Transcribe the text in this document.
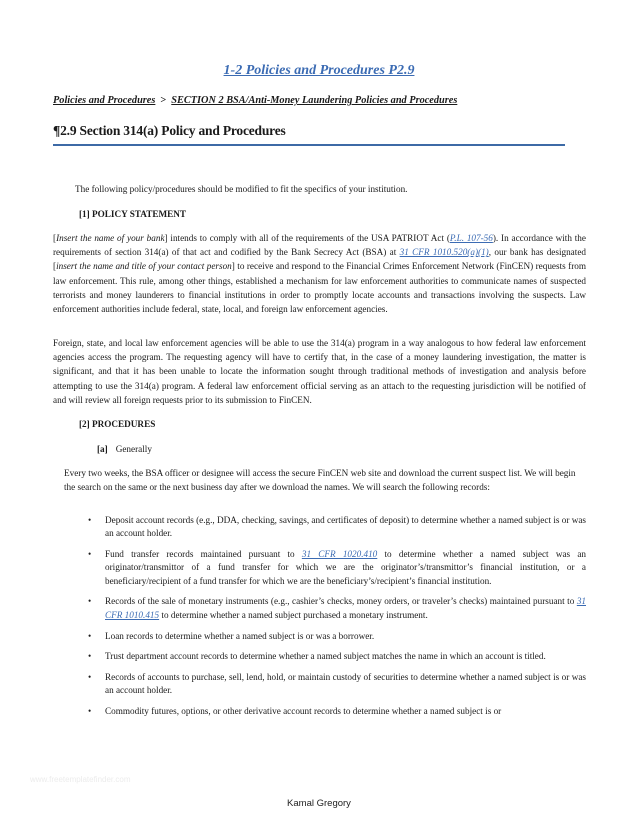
1-2 Policies and Procedures P2.9
Policies and Procedures > SECTION 2 BSA/Anti-Money Laundering Policies and Procedures
¶2.9 Section 314(a) Policy and Procedures
The following policy/procedures should be modified to fit the specifics of your institution.
[1] POLICY STATEMENT
[Insert the name of your bank] intends to comply with all of the requirements of the USA PATRIOT Act (P.L. 107-56). In accordance with the requirements of section 314(a) of that act and codified by the Bank Secrecy Act (BSA) at 31 CFR 1010.520(a)(1), our bank has designated [insert the name and title of your contact person] to receive and respond to the Financial Crimes Enforcement Network (FinCEN) requests from law enforcement. This rule, among other things, established a mechanism for law enforcement authorities to communicate names of suspected terrorists and money launderers to financial institutions in order to promptly locate accounts and transactions involving the suspects. Law enforcement authorities include federal, state, local, and foreign law enforcement agencies.
Foreign, state, and local law enforcement agencies will be able to use the 314(a) program in a way analogous to how federal law enforcement agencies access the program. The requesting agency will have to certify that, in the case of a money laundering investigation, the matter is significant, and that it has been unable to locate the information sought through traditional methods of investigation and analysis before attempting to use the 314(a) program. A federal law enforcement official serving as an attach to the requesting jurisdiction will be notified of and will review all foreign requests prior to its submission to FinCEN.
[2] PROCEDURES
[a] Generally
Every two weeks, the BSA officer or designee will access the secure FinCEN web site and download the current suspect list. We will begin the search on the same or the next business day after we download the names. We will search the following records:
• Deposit account records (e.g., DDA, checking, savings, and certificates of deposit) to determine whether a named subject is or was an account holder.
• Fund transfer records maintained pursuant to 31 CFR 1020.410 to determine whether a named subject was an originator/transmittor of a fund transfer for which we are the originator’s/transmittor’s financial institution, or a beneficiary/recipient of a fund transfer for which we are the beneficiary’s/recipient’s financial institution.
• Records of the sale of monetary instruments (e.g., cashier’s checks, money orders, or traveler’s checks) maintained pursuant to 31 CFR 1010.415 to determine whether a named subject purchased a monetary instrument.
• Loan records to determine whether a named subject is or was a borrower.
• Trust department account records to determine whether a named subject matches the name in which an account is titled.
• Records of accounts to purchase, sell, lend, hold, or maintain custody of securities to determine whether a named subject is or was an account holder.
• Commodity futures, options, or other derivative account records to determine whether a named subject is or
www.freetemplatefinder.com
Kamal Gregory
